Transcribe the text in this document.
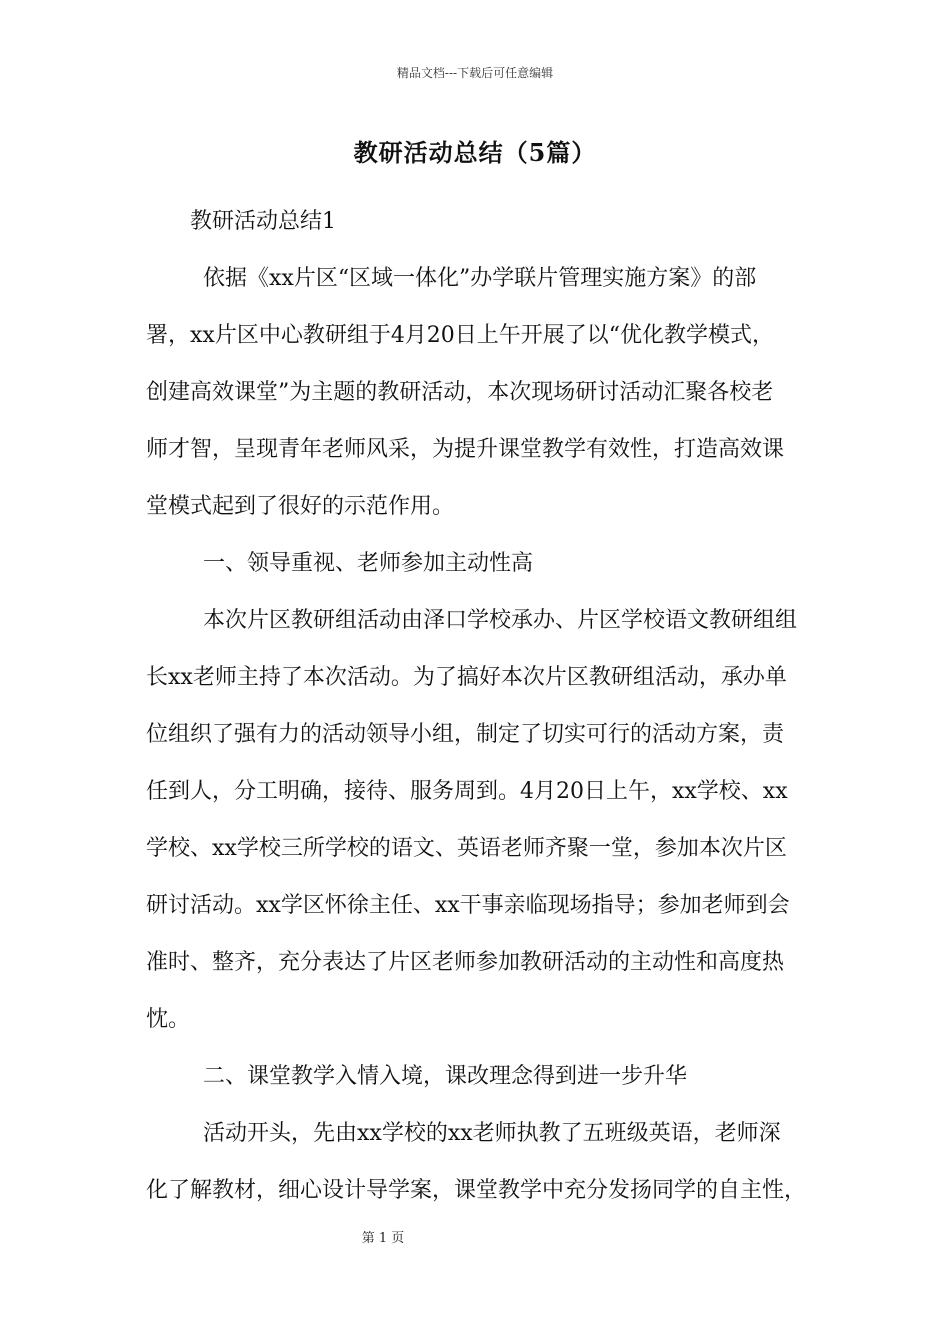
精品文档---下载后可任意编辑
教研活动总结（5篇）
教研活动总结1
依据《xx片区“区域一体化”办学联片管理实施方案》的部
署，xx片区中心教研组于4月20日上午开展了以“优化教学模式，
创建高效课堂”为主题的教研活动，本次现场研讨活动汇聚各校老
师才智，呈现青年老师风采，为提升课堂教学有效性，打造高效课
堂模式起到了很好的示范作用。
一、领导重视、老师参加主动性高
本次片区教研组活动由泽口学校承办、片区学校语文教研组组
长xx老师主持了本次活动。为了搞好本次片区教研组活动，承办单
位组织了强有力的活动领导小组，制定了切实可行的活动方案，责
任到人，分工明确，接待、服务周到。4月20日上午，xx学校、xx
学校、xx学校三所学校的语文、英语老师齐聚一堂，参加本次片区
研讨活动。xx学区怀徐主任、xx干事亲临现场指导；参加老师到会
准时、整齐，充分表达了片区老师参加教研活动的主动性和高度热
忱。
二、课堂教学入情入境，课改理念得到进一步升华
活动开头，先由xx学校的xx老师执教了五班级英语，老师深
化了解教材，细心设计导学案，课堂教学中充分发扬同学的自主性，
第 1 页
